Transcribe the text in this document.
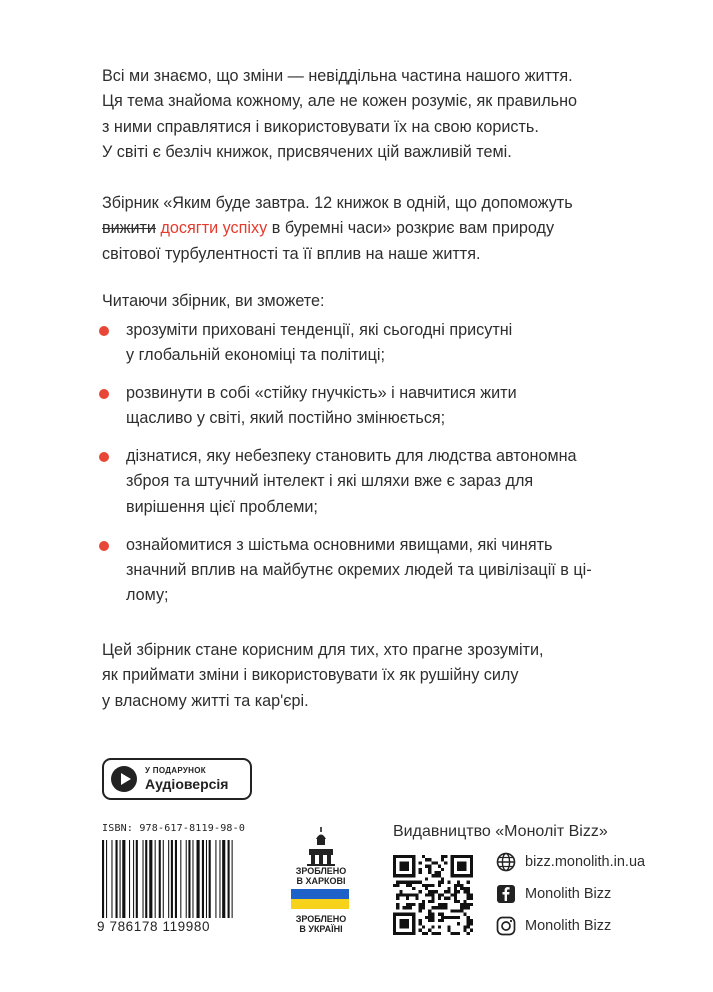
Всі ми знаємо, що зміни — невіддільна частина нашого життя.
Ця тема знайома кожному, але не кожен розуміє, як правильно
з ними справлятися і використовувати їх на свою користь.
У світі є безліч книжок, присвячених цій важливій темі.
Збірник «Яким буде завтра. 12 книжок в одній, що допоможуть
вижити досягти успіху в буремні часи» розкриє вам природу
світової турбулентності та її вплив на наше життя.
Читаючи збірник, ви зможете:
зрозуміти приховані тенденції, які сьогодні присутні
у глобальній економіці та політиці;
розвинути в собі «стійку гнучкість» і навчитися жити
щасливо у світі, який постійно змінюється;
дізнатися, яку небезпеку становить для людства автономна
зброя та штучний інтелект і які шляхи вже є зараз для
вирішення цієї проблеми;
ознайомитися з шістьма основними явищами, які чинять
значний вплив на майбутнє окремих людей та цивілізації в ці-
лому;
Цей збірник стане корисним для тих, хто прагне зрозуміти,
як приймати зміни і використовувати їх як рушійну силу
у власному житті та кар'єрі.
У ПОДАРУНОК
Аудіоверсія
ISBN: 978-617-8119-98-0
9 786178 119980
ЗРОБЛЕНО
В ХАРКОВІ
ЗРОБЛЕНО
В УКРАЇНІ
Видавництво «Моноліт Bizz»
bizz.monolith.in.ua
Monolith Bizz
Monolith Bizz
